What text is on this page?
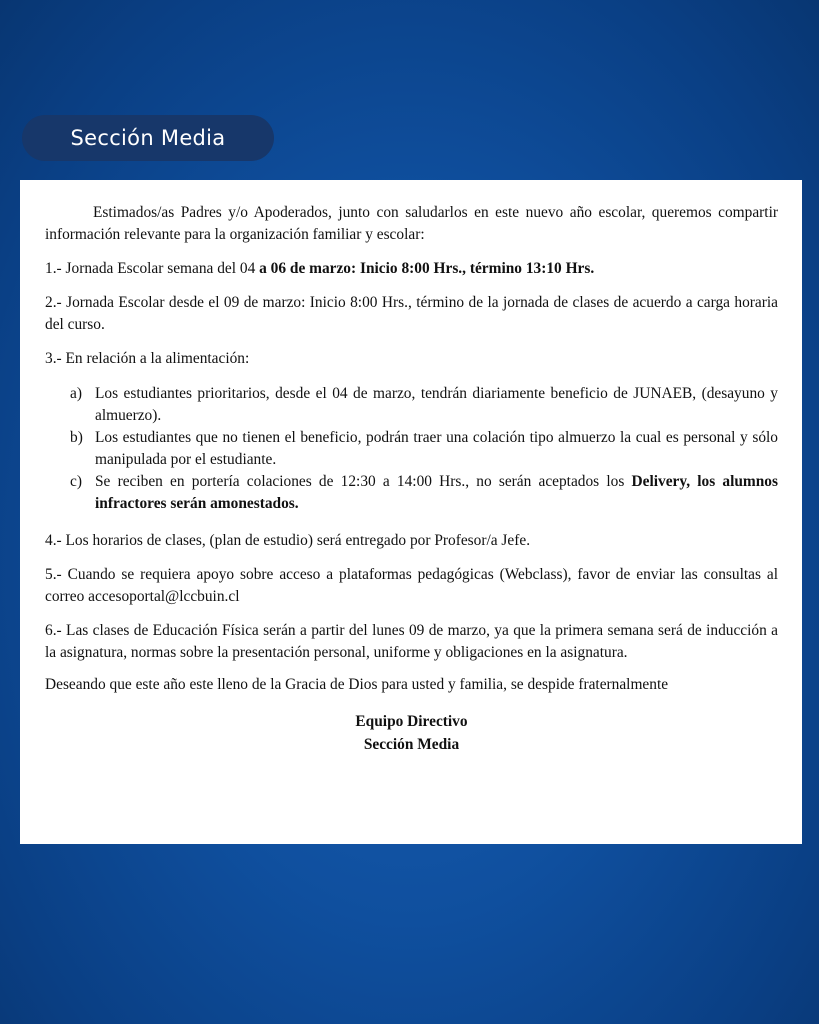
Sección Media

Estimados/as Padres y/o Apoderados, junto con saludarlos en este nuevo año escolar, queremos compartir información relevante para la organización familiar y escolar:

1.- Jornada Escolar semana del 04 a 06 de marzo: Inicio 8:00 Hrs., término 13:10 Hrs.

2.- Jornada Escolar desde el 09 de marzo: Inicio 8:00 Hrs., término de la jornada de clases de acuerdo a carga horaria del curso.

3.- En relación a la alimentación:

a) Los estudiantes prioritarios, desde el 04 de marzo, tendrán diariamente beneficio de JUNAEB, (desayuno y almuerzo).
b) Los estudiantes que no tienen el beneficio, podrán traer una colación tipo almuerzo la cual es personal y sólo manipulada por el estudiante.
c) Se reciben en portería colaciones de 12:30 a 14:00 Hrs., no serán aceptados los Delivery, los alumnos infractores serán amonestados.

4.- Los horarios de clases, (plan de estudio) será entregado por Profesor/a Jefe.

5.- Cuando se requiera apoyo sobre acceso a plataformas pedagógicas (Webclass), favor de enviar las consultas al correo accesoportal@lccbuin.cl

6.- Las clases de Educación Física serán a partir del lunes 09 de marzo, ya que la primera semana será de inducción a la asignatura, normas sobre la presentación personal, uniforme y obligaciones en la asignatura.

Deseando que este año este lleno de la Gracia de Dios para usted y familia, se despide fraternalmente

Equipo Directivo
Sección Media
